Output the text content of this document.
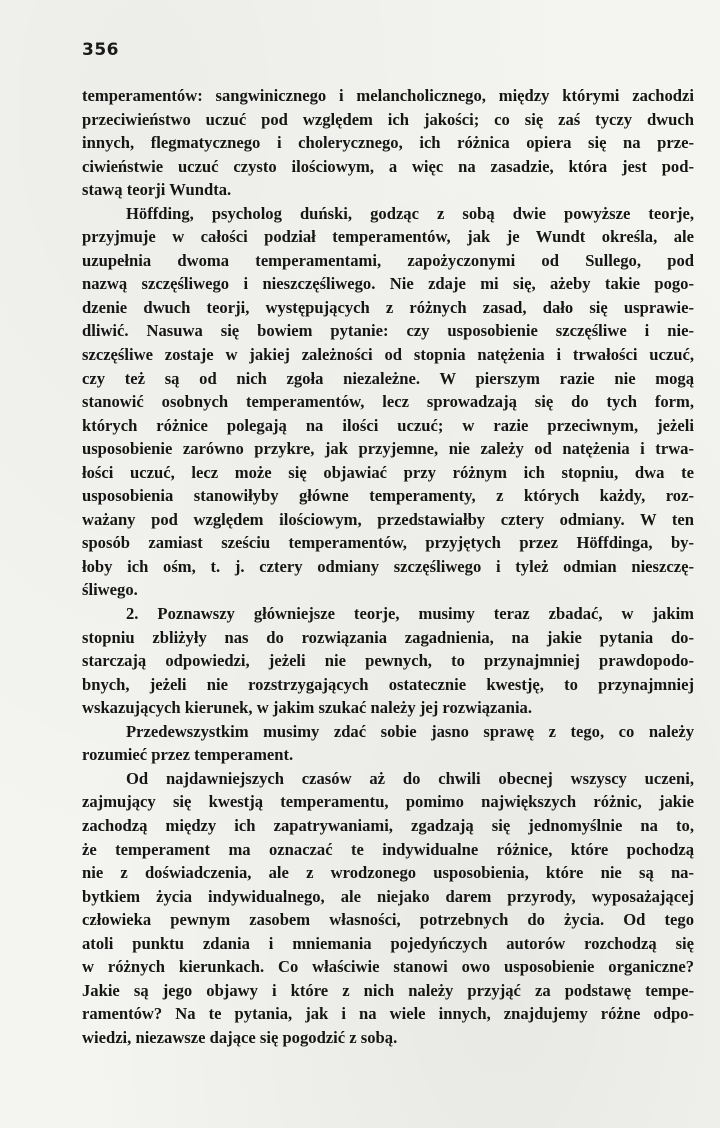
356
temperamentów: sangwinicznego i melancholicznego, między którymi zachodzi
przeciwieństwo uczuć pod względem ich jakości; co się zaś tyczy dwuch
innych, flegmatycznego i cholerycznego, ich różnica opiera się na prze-
ciwieństwie uczuć czysto ilościowym, a więc na zasadzie, która jest pod-
stawą teorji Wundta.
Höffding, psycholog duński, godząc z sobą dwie powyższe teorje,
przyjmuje w całości podział temperamentów, jak je Wundt określa, ale
uzupełnia dwoma temperamentami, zapożyczonymi od Sullego, pod
nazwą szczęśliwego i nieszczęśliwego. Nie zdaje mi się, ażeby takie pogo-
dzenie dwuch teorji, występujących z różnych zasad, dało się usprawie-
dliwić. Nasuwa się bowiem pytanie: czy usposobienie szczęśliwe i nie-
szczęśliwe zostaje w jakiej zależności od stopnia natężenia i trwałości uczuć,
czy też są od nich zgoła niezależne. W pierszym razie nie mogą
stanowić osobnych temperamentów, lecz sprowadzają się do tych form,
których różnice polegają na ilości uczuć; w razie przeciwnym, jeżeli
usposobienie zarówno przykre, jak przyjemne, nie zależy od natężenia i trwa-
łości uczuć, lecz może się objawiać przy różnym ich stopniu, dwa te
usposobienia stanowiłyby główne temperamenty, z których każdy, roz-
ważany pod względem ilościowym, przedstawiałby cztery odmiany. W ten
sposób zamiast sześciu temperamentów, przyjętych przez Höffdinga, by-
łoby ich ośm, t. j. cztery odmiany szczęśliwego i tyleż odmian nieszczę-
śliwego.
2. Poznawszy główniejsze teorje, musimy teraz zbadać, w jakim
stopniu zbliżyły nas do rozwiązania zagadnienia, na jakie pytania do-
starczają odpowiedzi, jeżeli nie pewnych, to przynajmniej prawdopodo-
bnych, jeżeli nie rozstrzygających ostatecznie kwestję, to przynajmniej
wskazujących kierunek, w jakim szukać należy jej rozwiązania.
Przedewszystkim musimy zdać sobie jasno sprawę z tego, co należy
rozumieć przez temperament.
Od najdawniejszych czasów aż do chwili obecnej wszyscy uczeni,
zajmujący się kwestją temperamentu, pomimo największych różnic, jakie
zachodzą między ich zapatrywaniami, zgadzają się jednomyślnie na to,
że temperament ma oznaczać te indywidualne różnice, które pochodzą
nie z doświadczenia, ale z wrodzonego usposobienia, które nie są na-
bytkiem życia indywidualnego, ale niejako darem przyrody, wyposażającej
człowieka pewnym zasobem własności, potrzebnych do życia. Od tego
atoli punktu zdania i mniemania pojedyńczych autorów rozchodzą się
w różnych kierunkach. Co właściwie stanowi owo usposobienie organiczne?
Jakie są jego objawy i które z nich należy przyjąć za podstawę tempe-
ramentów? Na te pytania, jak i na wiele innych, znajdujemy różne odpo-
wiedzi, niezawsze dające się pogodzić z sobą.
